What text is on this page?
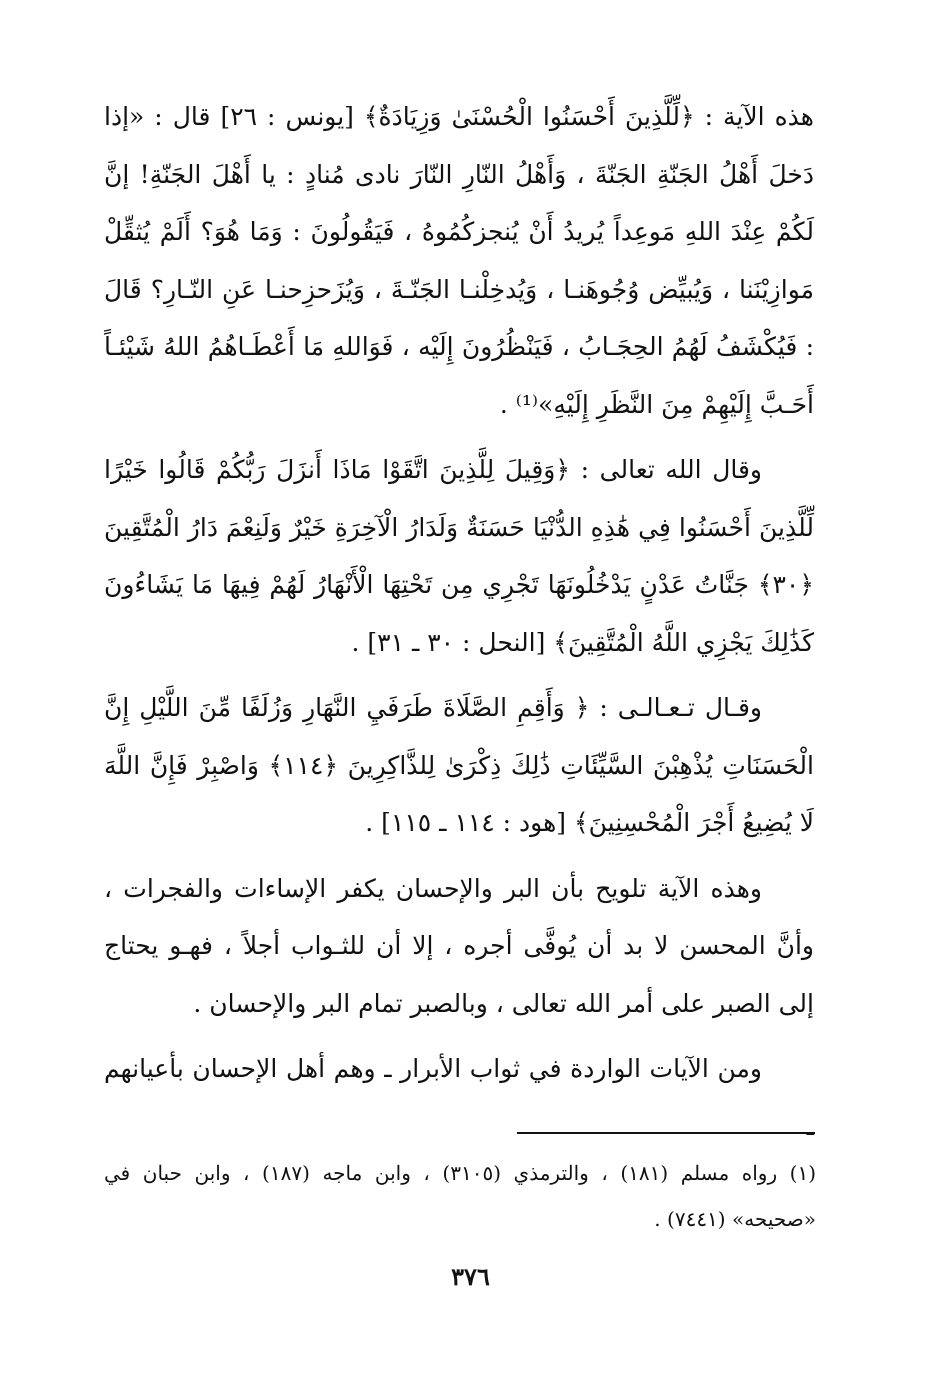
هذه الآية : ﴿لِّلَّذِينَ أَحْسَنُوا الْحُسْنَىٰ وَزِيَادَةٌ﴾ [يونس : ٢٦] قال : «إذا دَخلَ أَهْلُ الجَنّةِ الجَنّةَ ، وَأَهْلُ النّارِ النّارَ نادى مُنادٍ : يا أَهْلَ الجَنّةِ! إنَّ لَكُمْ عِنْدَ اللهِ مَوعِداً يُريدُ أَنْ يُنجزكُمُوهُ ، فَيَقُولُونَ : وَمَا هُوَ؟ أَلَمْ يُثقِّلْ مَوازِيْنَنا ، وَيُبيِّض وُجُوهَنـا ، وَيُدخِلْنـا الجَنّـةَ ، وَيُزَحزِحنـا عَنِ النّـارِ؟ قَالَ : فَيُكْشَفُ لَهُمُ الحِجَـابُ ، فَيَنْظُرُونَ إِلَيْه ، فَوَاللهِ مَا أَعْطَـاهُمُ اللهُ شَيْئـاً أَحَـبَّ إِلَيْهِمْ مِنَ النَّظَرِ إِلَيْهِ»⁽¹⁾ .

وقال الله تعالى : ﴿وَقِيلَ لِلَّذِينَ اتَّقَوْا مَاذَا أَنزَلَ رَبُّكُمْ قَالُوا خَيْرًا لِّلَّذِينَ أَحْسَنُوا فِي هَٰذِهِ الدُّنْيَا حَسَنَةٌ وَلَدَارُ الْآخِرَةِ خَيْرٌ وَلَنِعْمَ دَارُ الْمُتَّقِينَ ﴿٣٠﴾ جَنَّاتُ عَدْنٍ يَدْخُلُونَهَا تَجْرِي مِن تَحْتِهَا الْأَنْهَارُ لَهُمْ فِيهَا مَا يَشَاءُونَ كَذَٰلِكَ يَجْزِي اللَّهُ الْمُتَّقِينَ﴾ [النحل : ٣٠ ـ ٣١] .

وقـال تـعـالـى : ﴿ وَأَقِمِ الصَّلَاةَ طَرَفَيِ النَّهَارِ وَزُلَفًا مِّنَ اللَّيْلِ إِنَّ الْحَسَنَاتِ يُذْهِبْنَ السَّيِّئَاتِ ذَٰلِكَ ذِكْرَىٰ لِلذَّاكِرِينَ ﴿١١٤﴾ وَاصْبِرْ فَإِنَّ اللَّهَ لَا يُضِيعُ أَجْرَ الْمُحْسِنِينَ﴾ [هود : ١١٤ ـ ١١٥] .

وهذه الآية تلويح بأن البر والإحسان يكفر الإساءات والفجرات ، وأنَّ المحسن لا بد أن يُوفَّى أجره ، إلا أن للثـواب أجلاً ، فهـو يحتاج إلى الصبر على أمر الله تعالى ، وبالصبر تمام البر والإحسان .

ومن الآيات الواردة في ثواب الأبرار ـ وهم أهل الإحسان بأعيانهم ـ

(١) رواه مسلم (١٨١) ، والترمذي (٣١٠٥) ، وابن ماجه (١٨٧) ، وابن حبان في «صحيحه» (٧٤٤١) .
٣٧٦
